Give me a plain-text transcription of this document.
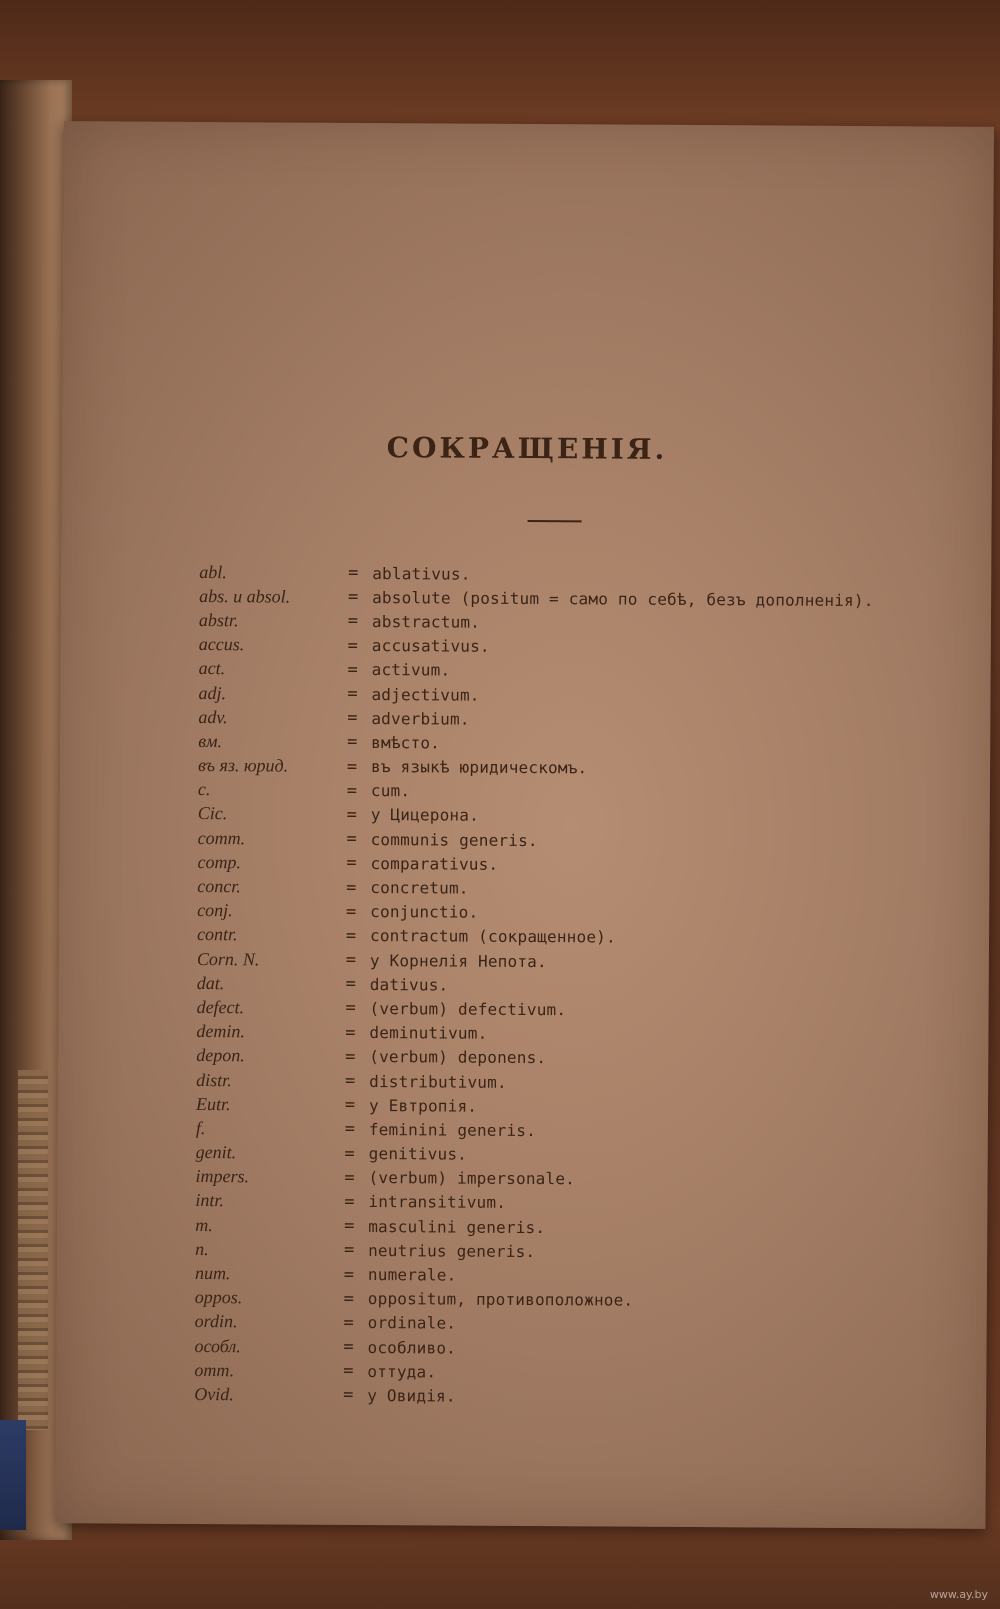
СОКРАЩЕНІЯ.
abl.	= ablativus.
abs. и absol.	= absolute (positum = само по себѣ, безъ дополненія).
abstr.	= abstractum.
accus.	= accusativus.
act.	= activum.
adj.	= adjectivum.
adv.	= adverbium.
вм.	= вмѣсто.
въ яз. юрид.	= въ языкѣ юридическомъ.
c.	= cum.
Cic.	= у Цицерона.
comm.	= communis generis.
comp.	= comparativus.
concr.	= concretum.
conj.	= conjunctio.
contr.	= contractum (сокращенное).
Corn. N.	= у Корнелія Непота.
dat.	= dativus.
defect.	= (verbum) defectivum.
demin.	= deminutivum.
depon.	= (verbum) deponens.
distr.	= distributivum.
Eutr.	= у Евтропія.
f.	= feminini generis.
genit.	= genitivus.
impers.	= (verbum) impersonale.
intr.	= intransitivum.
m.	= masculini generis.
n.	= neutrius generis.
num.	= numerale.
oppos.	= oppositum, противоположное.
ordin.	= ordinale.
особл.	= особливо.
отт.	= оттуда.
Ovid.	= у Овидія.
www.ay.by
